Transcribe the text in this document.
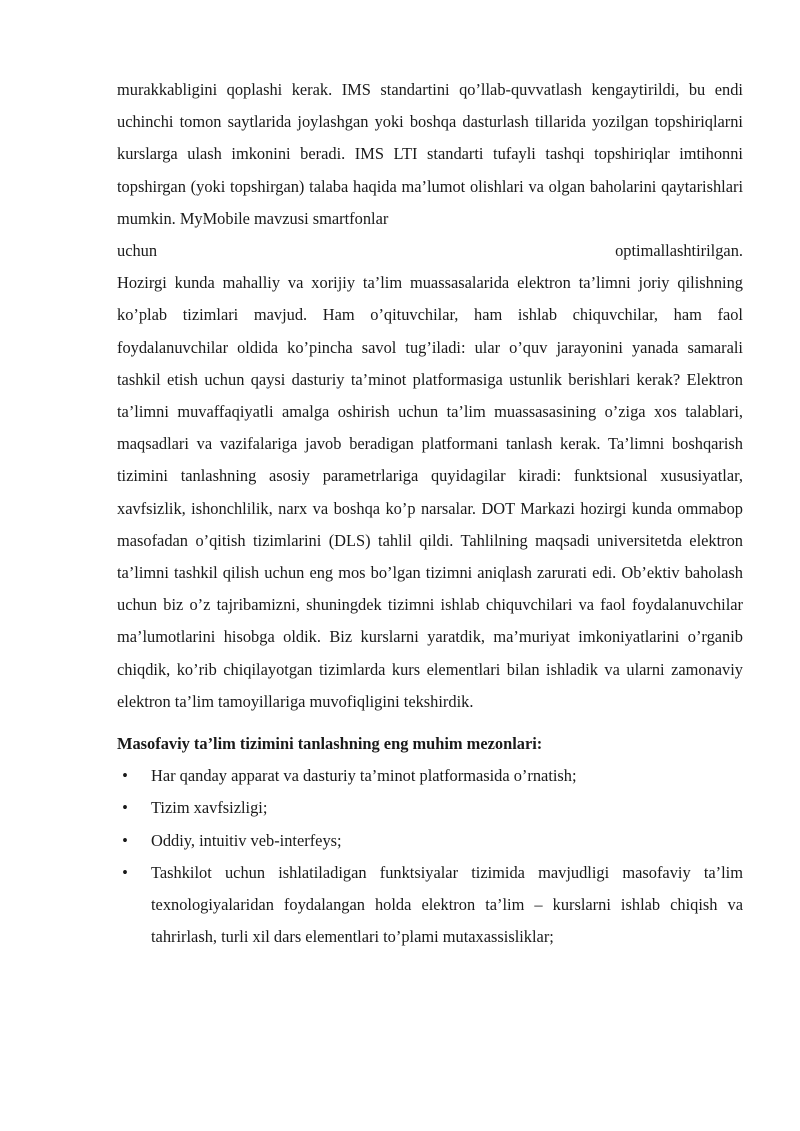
murakkabligini qoplashi kerak. IMS standartini qo’llab-quvvatlash kengaytirildi, bu endi uchinchi tomon saytlarida joylashgan yoki boshqa dasturlash tillarida yozilgan topshiriqlarni kurslarga ulash imkonini beradi. IMS LTI standarti tufayli tashqi topshiriqlar imtihonni topshirgan (yoki topshirgan) talaba haqida ma’lumot olishlari va olgan baholarini qaytarishlari mumkin. MyMobile mavzusi smartfonlar

uchun	optimallashtirilgan.

Hozirgi kunda mahalliy va xorijiy ta’lim muassasalarida elektron ta’limni joriy qilishning ko’plab tizimlari mavjud. Ham o’qituvchilar, ham ishlab chiquvchilar, ham faol foydalanuvchilar oldida ko’pincha savol tug’iladi: ular o’quv jarayonini yanada samarali tashkil etish uchun qaysi dasturiy ta’minot platformasiga ustunlik berishlari kerak? Elektron ta’limni muvaffaqiyatli amalga oshirish uchun ta’lim muassasasining o’ziga xos talablari, maqsadlari va vazifalariga javob beradigan platformani tanlash kerak. Ta’limni boshqarish tizimini tanlashning asosiy parametrlariga quyidagilar kiradi: funktsional xususiyatlar, xavfsizlik, ishonchlilik, narx va boshqa ko’p narsalar. DOT Markazi hozirgi kunda ommabop masofadan o’qitish tizimlarini (DLS) tahlil qildi. Tahlilning maqsadi universitetda elektron ta’limni tashkil qilish uchun eng mos bo’lgan tizimni aniqlash zarurati edi. Ob’ektiv baholash uchun biz o’z tajribamizni, shuningdek tizimni ishlab chiquvchilari va faol foydalanuvchilar ma’lumotlarini hisobga oldik. Biz kurslarni yaratdik, ma’muriyat imkoniyatlarini o’rganib chiqdik, ko’rib chiqilayotgan tizimlarda kurs elementlari bilan ishladik va ularni zamonaviy elektron ta’lim tamoyillariga muvofiqligini tekshirdik.

Masofaviy ta’lim tizimini tanlashning eng muhim mezonlari:

• Har qanday apparat va dasturiy ta’minot platformasida o’rnatish;
• Tizim xavfsizligi;
• Oddiy, intuitiv veb-interfeys;
• Tashkilot uchun ishlatiladigan funktsiyalar tizimida mavjudligi masofaviy ta’lim texnologiyalaridan foydalangan holda elektron ta’lim – kurslarni ishlab chiqish va tahrirlash, turli xil dars elementlari to’plami mutaxassisliklar;
